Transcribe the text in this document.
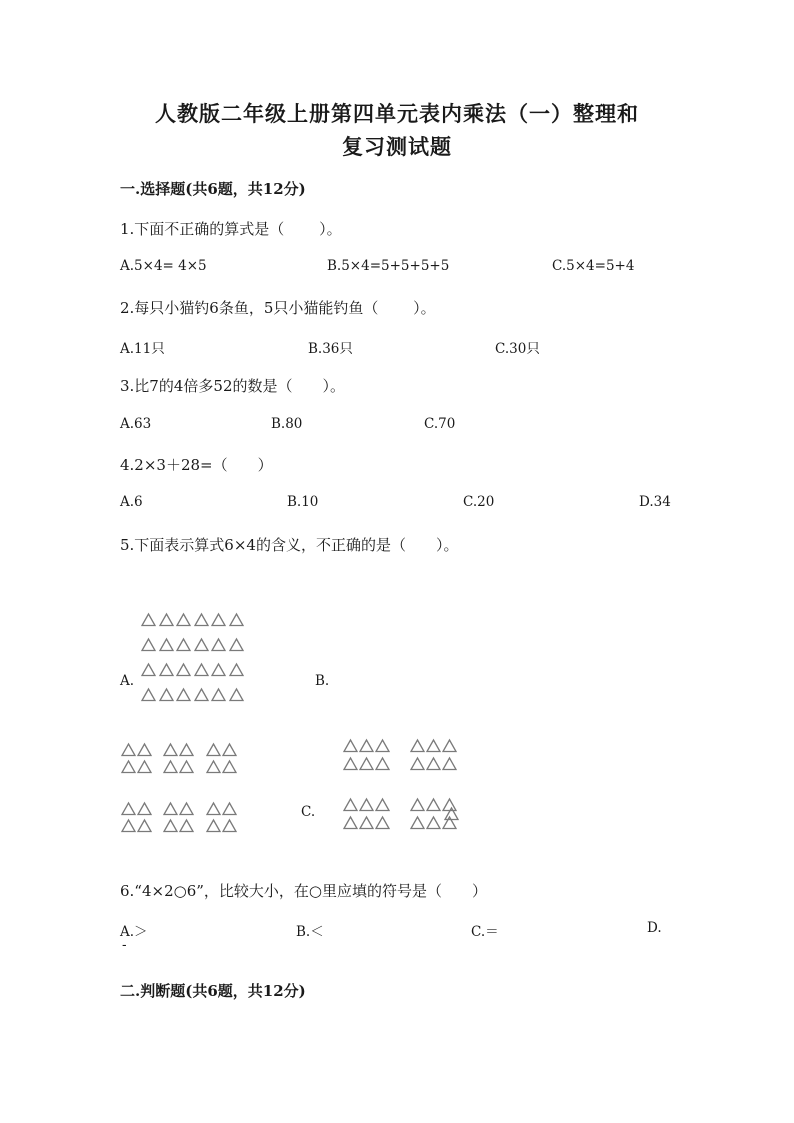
人教版二年级上册第四单元表内乘法（一）整理和
复习测试题
一.选择题(共6题，共12分)
1.下面不正确的算式是（　　 ）。
A.5×4= 4×5	B.5×4=5+5+5+5	C.5×4=5+4
2.每只小猫钓6条鱼，5只小猫能钓鱼（　　 ）。
A.11只	B.36只	C.30只
3.比7的4倍多52的数是（　　）。
A.63	B.80	C.70
4.2×3＋28=（　　）
A.6	B.10	C.20	D.34
5.下面表示算式6×4的含义，不正确的是（　　）。
A.	B.
C.
6.“4×2○6”，比较大小，在○里应填的符号是（　　）
A.＞	B.＜	C.＝	D.
-
二.判断题(共6题，共12分)
